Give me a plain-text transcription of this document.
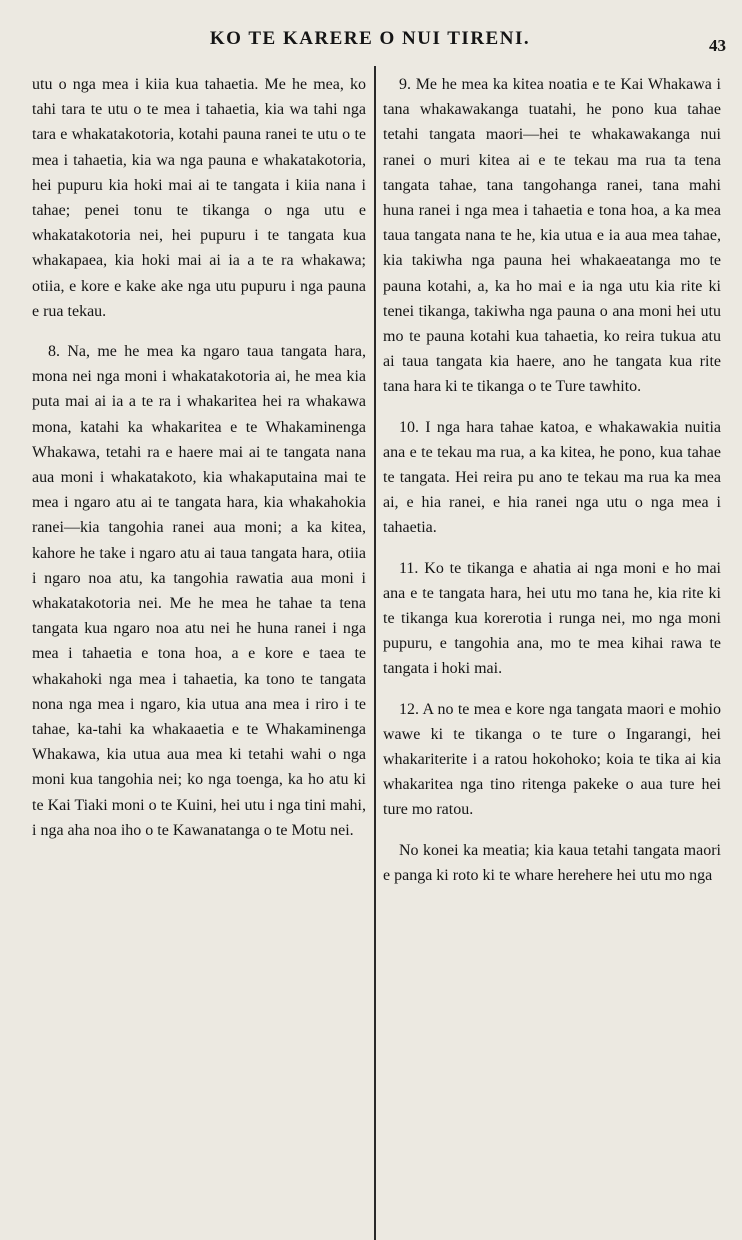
KO TE KARERE O NUI TIRENI.	43

utu o nga mea i kiia kua tahaetia. Me he mea, ko tahi tara te utu o te mea i tahaetia, kia wa tahi nga tara e whakatakotoria, kotahi pauna ranei te utu o te mea i tahaetia, kia wa nga pauna e whakatakotoria, hei pupuru kia hoki mai ai te tangata i kiia nana i tahae; penei tonu te tikanga o nga utu e whakatakotoria nei, hei pupuru i te tangata kua whakapaea, kia hoki mai ai ia a te ra whakawa; otiia, e kore e kake ake nga utu pupuru i nga pauna e rua tekau.

8. Na, me he mea ka ngaro taua tangata hara, mona nei nga moni i whakatakotoria ai, he mea kia puta mai ai ia a te ra i whakaritea hei ra whakawa mona, katahi ka whakaritea e te Whakaminenga Whakawa, tetahi ra e haere mai ai te tangata nana aua moni i whakatakoto, kia whakaputaina mai te mea i ngaro atu ai te tangata hara, kia whakahokia ranei—kia tangohia ranei aua moni; a ka kitea, kahore he take i ngaro atu ai taua tangata hara, otiia i ngaro noa atu, ka tangohia rawatia aua moni i whakatakotoria nei. Me he mea he tahae ta tena tangata kua ngaro noa atu nei he huna ranei i nga mea i tahaetia e tona hoa, a e kore e taea te whakahoki nga mea i tahaetia, ka tono te tangata nona nga mea i ngaro, kia utua ana mea i riro i te tahae, ka-tahi ka whakaaetia e te Whakaminenga Whakawa, kia utua aua mea ki tetahi wahi o nga moni kua tangohia nei; ko nga toenga, ka ho atu ki te Kai Tiaki moni o te Kuini, hei utu i nga tini mahi, i nga aha noa iho o te Kawanatanga o te Motu nei.

9. Me he mea ka kitea noatia e te Kai Whakawa i tana whakawakanga tuatahi, he pono kua tahae tetahi tangata maori—hei te whakawakanga nui ranei o muri kitea ai e te tekau ma rua ta tena tangata tahae, tana tangohanga ranei, tana mahi huna ranei i nga mea i tahaetia e tona hoa, a ka mea taua tangata nana te he, kia utua e ia aua mea tahae, kia takiwha nga pauna hei whakaeatanga mo te pauna kotahi, a, ka ho mai e ia nga utu kia rite ki tenei tikanga, takiwha nga pauna o ana moni hei utu mo te pauna kotahi kua tahaetia, ko reira tukua atu ai taua tangata kia haere, ano he tangata kua rite tana hara ki te tikanga o te Ture tawhito.

10. I nga hara tahae katoa, e whakawakia nuitia ana e te tekau ma rua, a ka kitea, he pono, kua tahae te tangata. Hei reira pu ano te tekau ma rua ka mea ai, e hia ranei, e hia ranei nga utu o nga mea i tahaetia.

11. Ko te tikanga e ahatia ai nga moni e ho mai ana e te tangata hara, hei utu mo tana he, kia rite ki te tikanga kua korerotia i runga nei, mo nga moni pupuru, e tangohia ana, mo te mea kihai rawa te tangata i hoki mai.

12. A no te mea e kore nga tangata maori e mohio wawe ki te tikanga o te ture o Ingarangi, hei whakariterite i a ratou hokohoko; koia te tika ai kia whakaritea nga tino ritenga pakeke o aua ture hei ture mo ratou.

No konei ka meatia; kia kaua tetahi tangata maori e panga ki roto ki te whare herehere hei utu mo nga
